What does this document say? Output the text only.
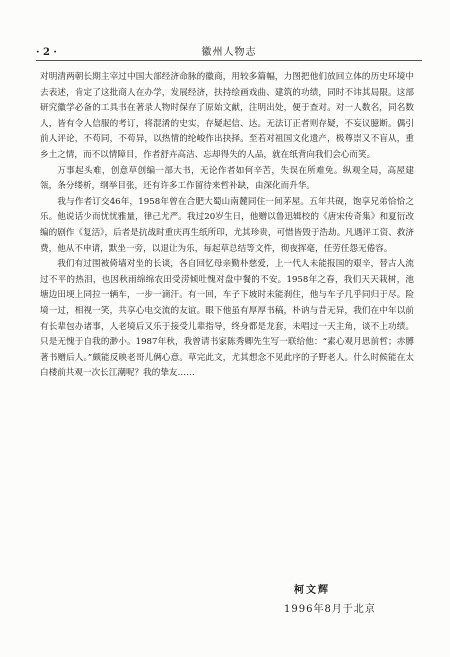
· 2 ·	徽州人物志

对明清两朝长期主宰过中国大部经济命脉的徽商，用较多篇幅，力图把他们放回立体的历史环境中去表述，肯定了这批商人在办学，发展经济，扶持绘画戏曲、建筑的功绩，同时不讳其局限。这部研究徽学必备的工具书在著录人物时保存了原始文献，注明出处，便于查对。对一人数名，同名数人，皆有令人信服的考订，将混淆的史实，存疑起信、达。无法订正者则存疑，不妄议臆断。偶引前人评论，不苟同，不苟异，以热情的纶峻作出抉择。至若对祖国文化遗产，极尊崇又不盲从，重乡土之情，而不以情障目，作者舒卉高洁、忘却得失的人品，就在纸背向我们会心而笑。

万事起头难，创意草创编一部大书，无论作者如何辛苦，失误在所难免。纵观全局，高屋建瓴，条分缕析，纲举目张，还有许多工作留待来哲补缺，由深化而升华。

我与作者订交46年，1958年曾在合肥大蜀山南麓同住一间茅屋。五年共砚，饱享兄弟恰恰之乐。他说话少而忧忧雅量，律己尤严。我过20岁生日，他赠以鲁迅辑校的《唐宋传奇集》和夏衍改编的剧作《复活》，后者是抗战时重庆再生纸所印，尤其珍贵，可惜皆毁于浩劫。凡遇评工资、救济费，他从不申请，默坐一旁，以退让为乐，每起草总结等文件，彻夜挥毫，任劳任怨无倦容。

我们有过围被倚墙对坐的长谈，各自回忆母亲勤朴慈爱，上一代人未能报国的艰辛，替古人流过不平的热泪，也因秋雨绵绵农田受涝倾吐愧对盘中餐的不安。1958年之春，我们天天栽树，池塘边田埂上同拉一辆车，一步一滴汗。有一回，车子下坡时未能刹住，他与车子几乎同归于尽。险境一过，相视一笑，共享心电交流的友谊。眼下他虽有厚厚书稿，朴讷与昔无异，我们在中年以前有长辈包办诸事，人老境后又乐于接受儿辈指导，终身都是龙套，未唱过一天主角，谈不上功绩。只是无愧于自我的渺小。1987年秋，我曾请书家陈秀卿先生写一联给他：“素心观月思前哲；赤膊著书赠后人。”颇能反映老哥儿俩心意。草完此文，尤其想念不见此序的子野老人。什么时候能在太白楼前共观一次长江潮呢？我的挚友……

柯文辉
1996年8月于北京
